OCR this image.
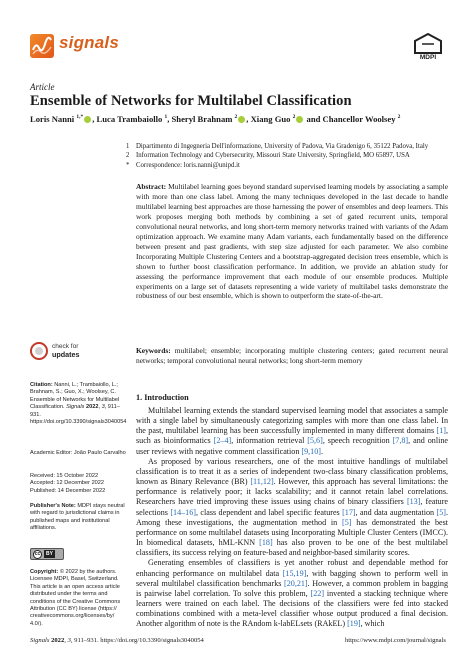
signals
MDPI
Article
Ensemble of Networks for Multilabel Classification
Loris Nanni $^{1,*}$ , Luca Trambaiollo $^1$, Sheryl Brahnam $^2$ , Xiang Guo $^2$ and Chancellor Woolsey $^2$
1 Dipartimento di Ingegneria Dell'informazione, University of Padova, Via Gradenigo 6, 35122 Padova, Italy
2 Information Technology and Cybersecurity, Missouri State University, Springfield, MO 65897, USA
* Correspondence: loris.nanni@unipd.it
Abstract: Multilabel learning goes beyond standard supervised learning models by associating a sample with more than one class label. Among the many techniques developed in the last decade to handle multilabel learning best approaches are those harnessing the power of ensembles and deep learners. This work proposes merging both methods by combining a set of gated recurrent units, temporal convolutional neural networks, and long short-term memory networks trained with variants of the Adam optimization approach. We examine many Adam variants, each fundamentally based on the difference between present and past gradients, with step size adjusted for each parameter. We also combine Incorporating Multiple Clustering Centers and a bootstrap-aggregated decision trees ensemble, which is shown to further boost classification performance. In addition, we provide an ablation study for assessing the performance improvement that each module of our ensemble produces. Multiple experiments on a large set of datasets representing a wide variety of multilabel tasks demonstrate the robustness of our best ensemble, which is shown to outperform the state-of-the-art.
Keywords: multilabel; ensemble; incorporating multiple clustering centers; gated recurrent neural networks; temporal convolutional neural networks; long short-term memory
check for
updates

Citation: Nanni, L.; Trambaiollo, L.; Brahnam, S.; Guo, X.; Woolsey, C. Ensemble of Networks for Multilabel Classification. Signals 2022, 3, 911–931. https://doi.org/10.3390/signals3040054

Academic Editor: João Paulo Carvalho

Received: 15 October 2022

Accepted: 12 December 2022

Published: 14 December 2022

Publisher's Note: MDPI stays neutral with regard to jurisdictional claims in published maps and institutional affiliations.

cc	BY

Copyright: © 2022 by the authors. Licensee MDPI, Basel, Switzerland. This article is an open access article distributed under the terms and conditions of the Creative Commons Attribution (CC BY) license (https:// creativecommons.org/licenses/by/ 4.0/).

1. Introduction

Multilabel learning extends the standard supervised learning model that associates a sample with a single label by simultaneously categorizing samples with more than one class label. In the past, multilabel learning has been successfully implemented in many different domains [1], such as bioinformatics [2–4], information retrieval [5,6], speech recognition [7,8], and online user reviews with negative comment classification [9,10].

As proposed by various researchers, one of the most intuitive handlings of multilabel classification is to treat it as a series of independent two-class binary classification problems, known as Binary Relevance (BR) [11,12]. However, this approach has several limitations: the performance is relatively poor; it lacks scalability; and it cannot retain label correlations. Researchers have tried improving these issues using chains of binary classifiers [13], feature selections [14–16], class dependent and label specific features [17], and data augmentation [5]. Among these investigations, the augmentation method in [5] has demonstrated the best performance on some multilabel datasets using Incorporating Multiple Cluster Centers (IMCC). In biomedical datasets, hML-KNN [18] has also proven to be one of the best multilabel classifiers, its success relying on feature-based and neighbor-based similarity scores.

Generating ensembles of classifiers is yet another robust and dependable method for enhancing performance on multilabel data [15,19], with bagging shown to perform well in several multilabel classification benchmarks [20,21]. However, a common problem in bagging is pairwise label correlation. To solve this problem, [22] invented a stacking technique where learners were trained on each label. The decisions of the classifiers were fed into stacked combinations combined with a meta-level classifier whose output produced a final decision. Another algorithm of note is the RAndom k-labELsets (RAkEL) [19], which

Signals 2022, 3, 911–931. https://doi.org/10.3390/signals3040054	https://www.mdpi.com/journal/signals
